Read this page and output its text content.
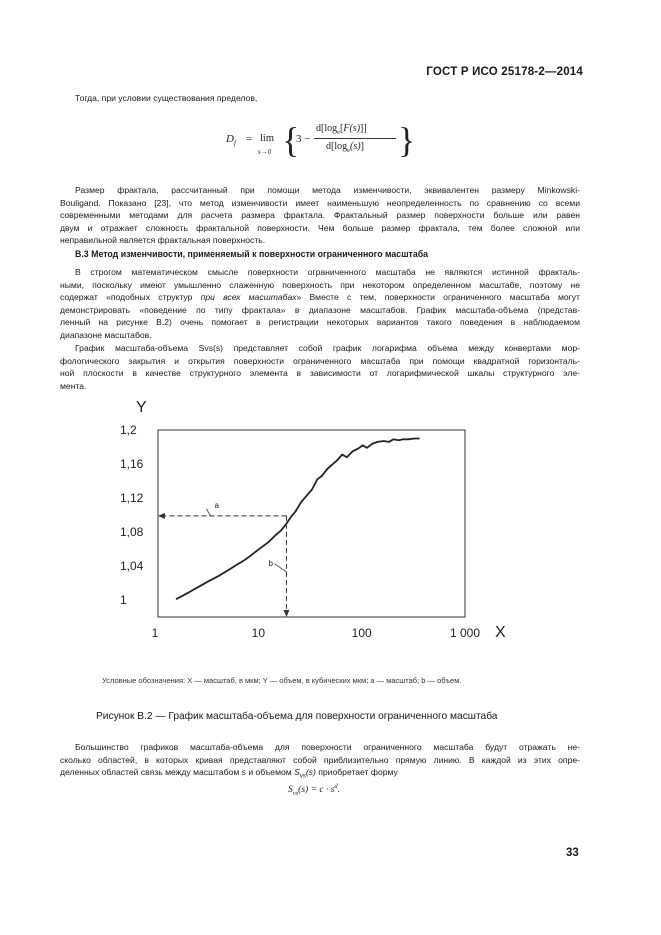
ГОСТ Р ИСО 25178-2—2014

Тогда, при условии существования пределов,

$D_f = \lim$
s→0 {
3 −
$d[\log_e[F(s)]]$
$d[\log_e(s)]$ }

Размер фрактала, рассчитанный при помощи метода изменчивости, эквивалентен размеру Minkowski-
Bouligand. Показано [23], что метод изменчивости имеет наименьшую неопределенность по сравнению со всеми
современными методами для расчета размера фрактала. Фрактальный размер поверхности больше или равен
двум и отражает сложность фрактальной поверхности. Чем больше размер фрактала, тем более сложной или
неправильной является фрактальная поверхность.

В.3 Метод изменчивости, применяемый к поверхности ограниченного масштаба

В строгом математическом смысле поверхности ограниченного масштаба не являются истинной фракталь-
ными, поскольку имеют умышленно слаженную поверхность при некотором определенном масштабе, поэтому не
содержат «подобных структур при всех масштабах» Вместе с тем, поверхности ограниченного масштаба могут
демонстрировать «поведение по типу фрактала» в диапазоне масштабов. График масштаба-объема (представ-
ленный на рисунке В.2) очень помогает в регистрации некоторых вариантов такого поведения в наблюдаемом
диапазоне масштабов.

График масштаба-объема Svs(s) представляет собой график логарифма объема между конвертами мор-
фологического закрытия и открытия поверхности ограниченного масштаба при помощи квадратной горизонталь-
ной плоскости в качестве структурного элемента в зависимости от логарифмической шкалы структурного эле-
мента.

Y
X
1
1,04
1,08
1,12
1,16
1,2
1	10	100	1 000
a
b
Условные обозначения: X — масштаб, в мкм; Y — объем, в кубических мкм; a — масштаб; b — объем.
Рисунок В.2 — График масштаба-объема для поверхности ограниченного масштаба

Большинство графиков масштаба-объема для поверхности ограниченного масштаба будут отражать не-
сколько областей, в которых кривая представляют собой приблизительно прямую линию. В каждой из этих опре-
деленных областей связь между масштабом s и объемом $S_{vs}(s)$ приобретает форму

$S_{vs}(s) = c \cdot s^d$.
33
